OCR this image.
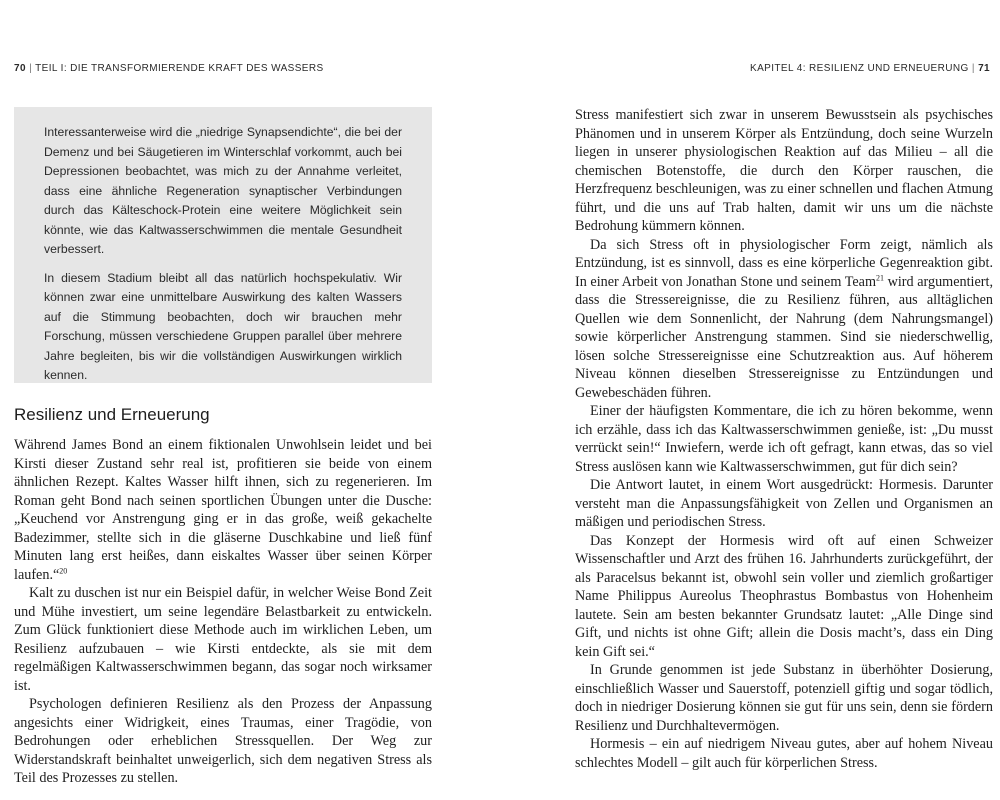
70 | TEIL I: DIE TRANSFORMIERENDE KRAFT DES WASSERS	KAPITEL 4: RESILIENZ UND ERNEUERUNG | 71

Interessanterweise wird die „niedrige Synapsendichte“, die bei der Demenz und bei Säugetieren im Winterschlaf vorkommt, auch bei Depressionen beobachtet, was mich zu der Annahme verleitet, dass eine ähnliche Regeneration synaptischer Verbindungen durch das Kälteschock-Protein eine weitere Möglichkeit sein könnte, wie das Kaltwasserschwimmen die mentale Gesundheit verbessert.

In diesem Stadium bleibt all das natürlich hochspekulativ. Wir können zwar eine unmittelbare Auswirkung des kalten Wassers auf die Stimmung beobachten, doch wir brauchen mehr Forschung, müssen verschiedene Gruppen parallel über mehrere Jahre begleiten, bis wir die vollständigen Auswirkungen wirklich kennen.

Resilienz und Erneuerung

Während James Bond an einem fiktionalen Unwohlsein leidet und bei Kirsti dieser Zustand sehr real ist, profitieren sie beide von einem ähnlichen Rezept. Kaltes Wasser hilft ihnen, sich zu regenerieren. Im Roman geht Bond nach seinen sportlichen Übungen unter die Dusche: „Keuchend vor Anstrengung ging er in das große, weiß gekachelte Badezimmer, stellte sich in die gläserne Duschkabine und ließ fünf Minuten lang erst heißes, dann eiskaltes Wasser über seinen Körper laufen.“$^{20}$

Kalt zu duschen ist nur ein Beispiel dafür, in welcher Weise Bond Zeit und Mühe investiert, um seine legendäre Belastbarkeit zu entwickeln. Zum Glück funktioniert diese Methode auch im wirklichen Leben, um Resilienz aufzubauen – wie Kirsti entdeckte, als sie mit dem regelmäßigen Kaltwasserschwimmen begann, das sogar noch wirksamer ist.

Psychologen definieren Resilienz als den Prozess der Anpassung angesichts einer Widrigkeit, eines Traumas, einer Tragödie, von Bedrohungen oder erheblichen Stressquellen. Der Weg zur Widerstandskraft beinhaltet unweigerlich, sich dem negativen Stress als Teil des Prozesses zu stellen.

Stress manifestiert sich zwar in unserem Bewusstsein als psychisches Phänomen und in unserem Körper als Entzündung, doch seine Wurzeln liegen in unserer physiologischen Reaktion auf das Milieu – all die chemischen Botenstoffe, die durch den Körper rauschen, die Herzfrequenz beschleunigen, was zu einer schnellen und flachen Atmung führt, und die uns auf Trab halten, damit wir uns um die nächste Bedrohung kümmern können.

Da sich Stress oft in physiologischer Form zeigt, nämlich als Entzündung, ist es sinnvoll, dass es eine körperliche Gegenreaktion gibt. In einer Arbeit von Jonathan Stone und seinem Team$^{21}$ wird argumentiert, dass die Stressereignisse, die zu Resilienz führen, aus alltäglichen Quellen wie dem Sonnenlicht, der Nahrung (dem Nahrungsmangel) sowie körperlicher Anstrengung stammen. Sind sie niederschwellig, lösen solche Stressereignisse eine Schutzreaktion aus. Auf höherem Niveau können dieselben Stressereignisse zu Entzündungen und Gewebeschäden führen.

Einer der häufigsten Kommentare, die ich zu hören bekomme, wenn ich erzähle, dass ich das Kaltwasserschwimmen genieße, ist: „Du musst verrückt sein!“ Inwiefern, werde ich oft gefragt, kann etwas, das so viel Stress auslösen kann wie Kaltwasserschwimmen, gut für dich sein?

Die Antwort lautet, in einem Wort ausgedrückt: Hormesis. Darunter versteht man die Anpassungsfähigkeit von Zellen und Organismen an mäßigen und periodischen Stress.

Das Konzept der Hormesis wird oft auf einen Schweizer Wissenschaftler und Arzt des frühen 16. Jahrhunderts zurückgeführt, der als Paracelsus bekannt ist, obwohl sein voller und ziemlich großartiger Name Philippus Aureolus Theophrastus Bombastus von Hohenheim lautete. Sein am besten bekannter Grundsatz lautet: „Alle Dinge sind Gift, und nichts ist ohne Gift; allein die Dosis macht’s, dass ein Ding kein Gift sei.“

In Grunde genommen ist jede Substanz in überhöhter Dosierung, einschließlich Wasser und Sauerstoff, potenziell giftig und sogar tödlich, doch in niedriger Dosierung können sie gut für uns sein, denn sie fördern Resilienz und Durchhaltevermögen.

Hormesis – ein auf niedrigem Niveau gutes, aber auf hohem Niveau schlechtes Modell – gilt auch für körperlichen Stress.
